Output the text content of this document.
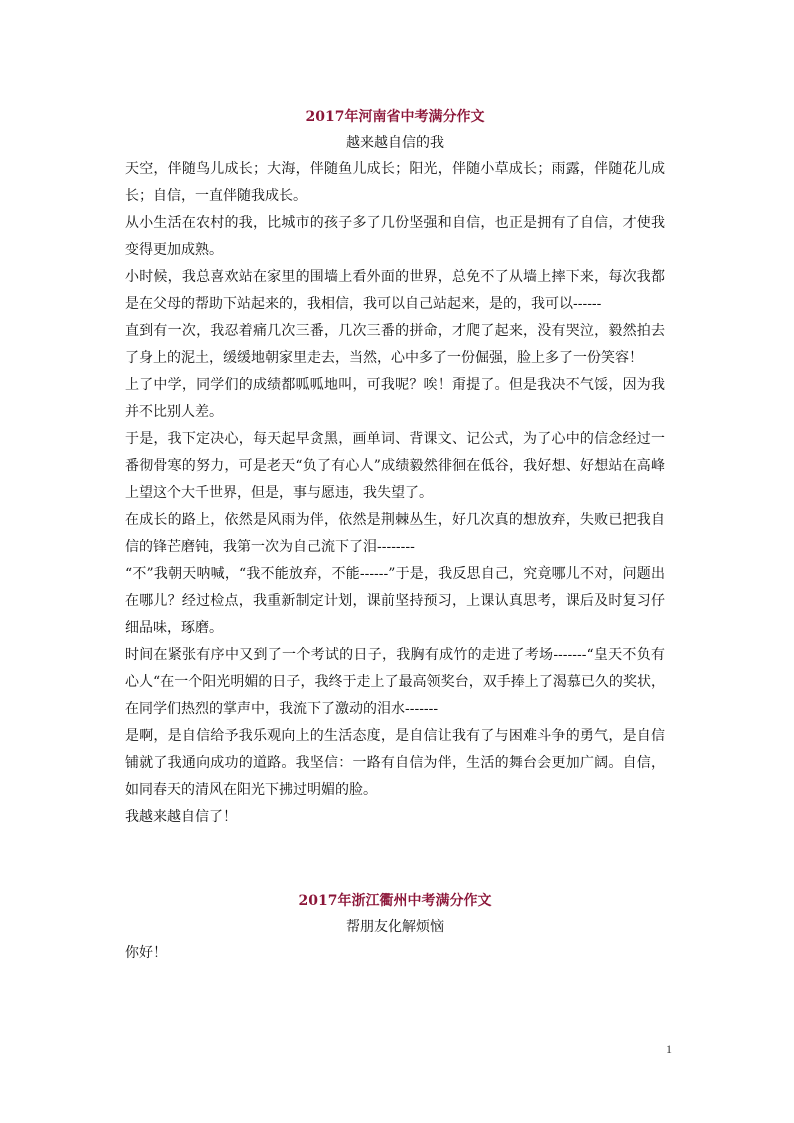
2017年河南省中考满分作文

越来越自信的我

天空，伴随鸟儿成长；大海，伴随鱼儿成长；阳光，伴随小草成长；雨露，伴随花儿成长；自信，一直伴随我成长。

从小生活在农村的我，比城市的孩子多了几份坚强和自信，也正是拥有了自信，才使我变得更加成熟。

小时候，我总喜欢站在家里的围墙上看外面的世界，总免不了从墙上摔下来，每次我都是在父母的帮助下站起来的，我相信，我可以自己站起来，是的，我可以------

直到有一次，我忍着痛几次三番，几次三番的拼命，才爬了起来，没有哭泣，毅然拍去了身上的泥土，缓缓地朝家里走去，当然，心中多了一份倔强，脸上多了一份笑容！

上了中学，同学们的成绩都呱呱地叫，可我呢？唉！甭提了。但是我决不气馁，因为我并不比别人差。

于是，我下定决心，每天起早贪黑，画单词、背课文、记公式，为了心中的信念经过一番彻骨寒的努力，可是老天“负了有心人”成绩毅然徘徊在低谷，我好想、好想站在高峰上望这个大千世界，但是，事与愿违，我失望了。

在成长的路上，依然是风雨为伴，依然是荆棘丛生，好几次真的想放弃，失败已把我自信的锋芒磨钝，我第一次为自己流下了泪--------

“不”我朝天呐喊，“我不能放弃，不能------”于是，我反思自己，究竟哪儿不对，问题出在哪儿？经过检点，我重新制定计划，课前坚持预习，上课认真思考，课后及时复习仔细品味，琢磨。

时间在紧张有序中又到了一个考试的日子，我胸有成竹的走进了考场-------“皇天不负有心人“在一个阳光明媚的日子，我终于走上了最高领奖台，双手捧上了渴慕已久的奖状，在同学们热烈的掌声中，我流下了激动的泪水-------

是啊，是自信给予我乐观向上的生活态度，是自信让我有了与困难斗争的勇气，是自信铺就了我通向成功的道路。我坚信：一路有自信为伴，生活的舞台会更加广阔。自信，如同春天的清风在阳光下拂过明媚的脸。

我越来越自信了！

2017年浙江衢州中考满分作文

帮朋友化解烦恼

你好！

1
